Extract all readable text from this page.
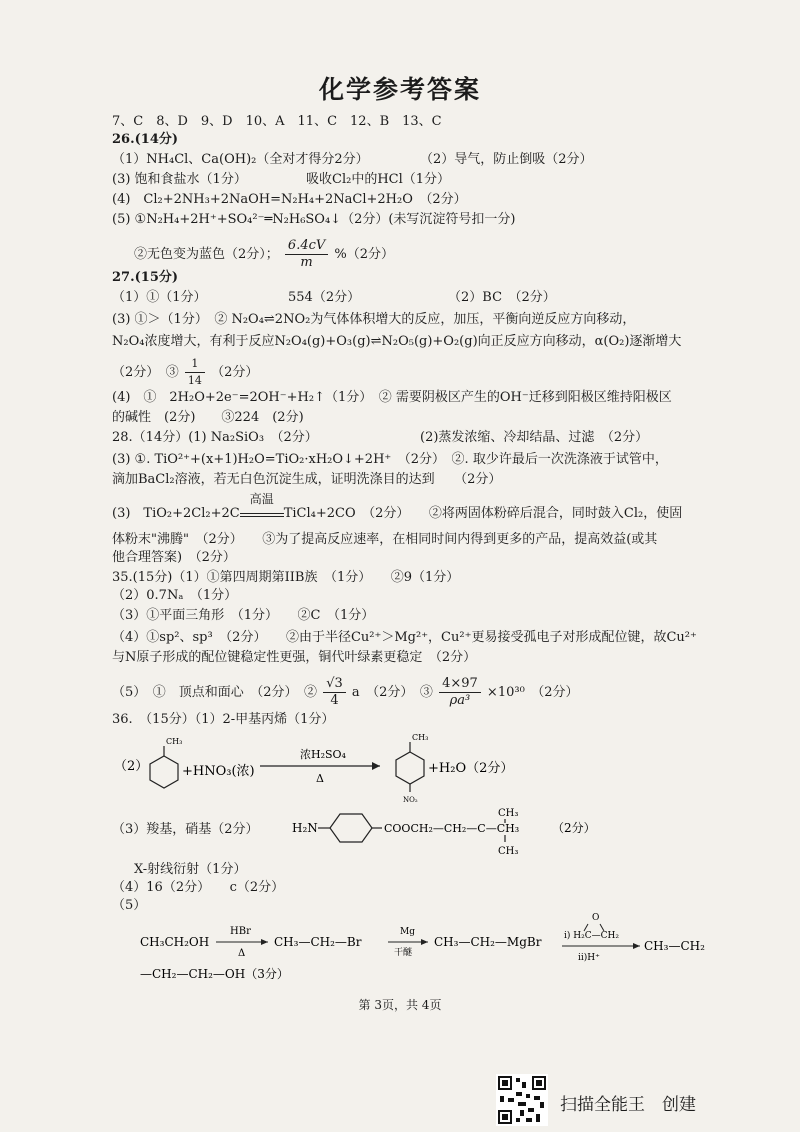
化学参考答案
7、C　8、D　9、D　10、A　11、C　12、B　13、C
26.(14分)
（1）NH₄Cl、Ca(OH)₂（全对才得分2分）	（2）导气，防止倒吸（2分）
(3) 饱和食盐水（1分）	吸收Cl₂中的HCl（1分）
(4)　Cl₂+2NH₃+2NaOH=N₂H₄+2NaCl+2H₂O　（2分）
(5) ①N₂H₄+2H⁺+SO₄²⁻═N₂H₆SO₄↓（2分）(未写沉淀符号扣一分)
②无色变为蓝色（2分）； $\frac{6.4cV}{m} \%(2$分）
27.(15分)
（1）①（1分）	554（2分）	（2）BC　（2分）
(3) ①＞（1分）　② N₂O₄⇌2NO₂为气体体积增大的反应，加压，平衡向逆反应方向移动，
N₂O₄浓度增大，有利于反应N₂O₄(g)+O₃(g)⇌N₂O₅(g)+O₂(g)向正反应方向移动，α(O₂)逐渐增大
（2分）　③ $\frac{1}{14} (2$分）
(4)　①　2H₂O+2e⁻=2OH⁻+H₂↑（1分）　② 需要阴极区产生的OH⁻迁移到阳极区维持阳极区
的碱性　(2分)　　③224　(2分)
28.（14分）(1) Na₂SiO₃　（2分）	(2)蒸发浓缩、冷却结晶、过滤　（2分）
(3) ①. TiO²⁺+(x+1)H₂O=TiO₂·xH₂O↓+2H⁺　（2分）　②. 取少许最后一次洗涤液于试管中，
滴加BaCl₂溶液，若无白色沉淀生成，证明洗涤目的达到　　（2分）
(3)　TiO₂+2Cl₂+2C
高温
TiCl₄+2CO　（2分）　　②将两固体粉碎后混合，同时鼓入Cl₂，使固
体粉末"沸腾"　（2分）　　③为了提高反应速率，在相同时间内得到更多的产品，提高效益(或其
他合理答案)　（2分）
35.(15分)（1）①第四周期第IIB族　（1分）　　②9（1分）
（2）0.7Nₐ　（1分）
（3）①平面三角形　（1分）　　②C　（1分）
（4）①sp²、sp³　（2分）　　②由于半径Cu²⁺＞Mg²⁺，Cu²⁺更易接受孤电子对形成配位键，故Cu²⁺
与N原子形成的配位键稳定性更强，铜代叶绿素更稳定　（2分）
（5）　①　顶点和面心　（2分）　② $\frac{√3}{4}$ a　（2分）　③ $\frac{4\times 97}{\text{ρa³}} \times 10^{30}$　（2分）
36.　（15分）（1）2-甲基丙烯（1分）
（2）
CH₃
+HNO₃(浓)
浓H₂SO₄
Δ
CH₃
NO₂
+H₂O（2分）
（3）羧基，硝基（2分）	H₂N	COOCH₂—CH₂—C—CH₃
CH₃
CH₃
（2分）
X-射线衍射（1分）
（4）16（2分）　　c（2分）
（5）
CH₃CH₂OH
HBr
Δ
CH₃—CH₂—Br
Mg
干醚
CH₃—CH₂—MgBr
O
i) H₂C—CH₂
ii)H⁺
CH₃—CH₂
—CH₂—CH₂—OH（3分）
第 3页，共 4页
扫描全能王　创建
